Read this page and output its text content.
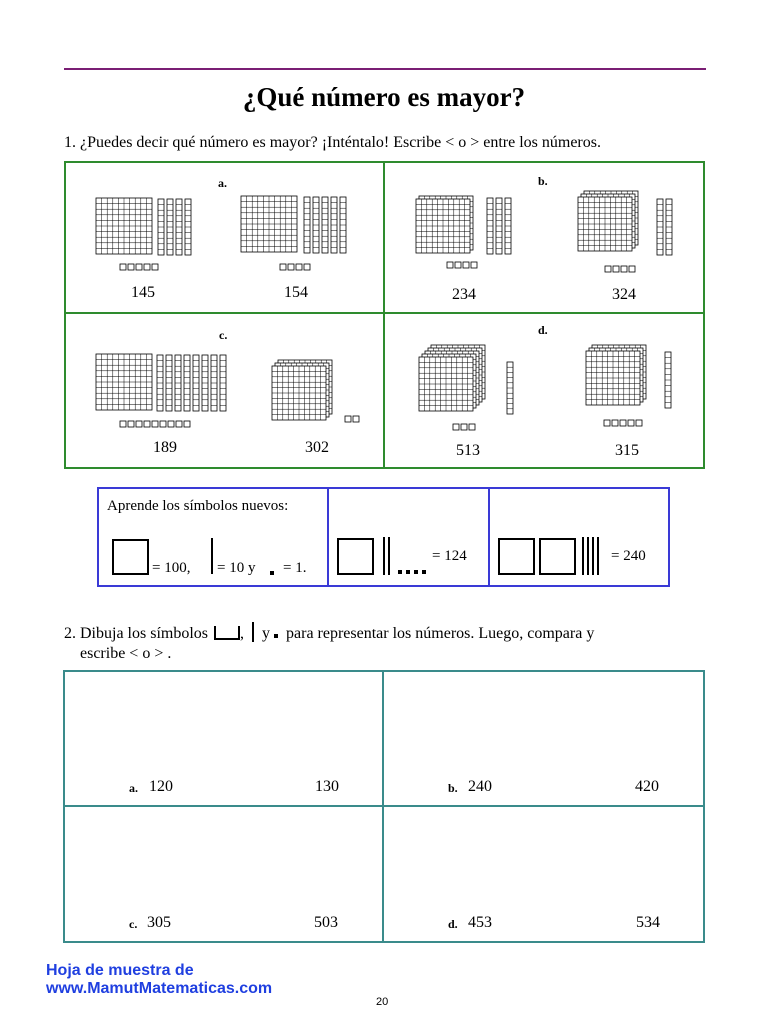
¿Qué número es mayor?
1. ¿Puedes decir qué número es mayor? ¡Inténtalo! Escribe < o > entre los números.
a.
145	154
b.
234	324
c.
189	302
d.
513	315
Aprende los símbolos nuevos:
= 100, = 10 y = 1.
= 124	= 240
2. Dibuja los símbolos , y para representar los números. Luego, compara y
escribe < o > .
a. 120	130	b. 240	420
c. 305	503	d. 453	534
Hoja de muestra de
www.MamutMatematicas.com
20
